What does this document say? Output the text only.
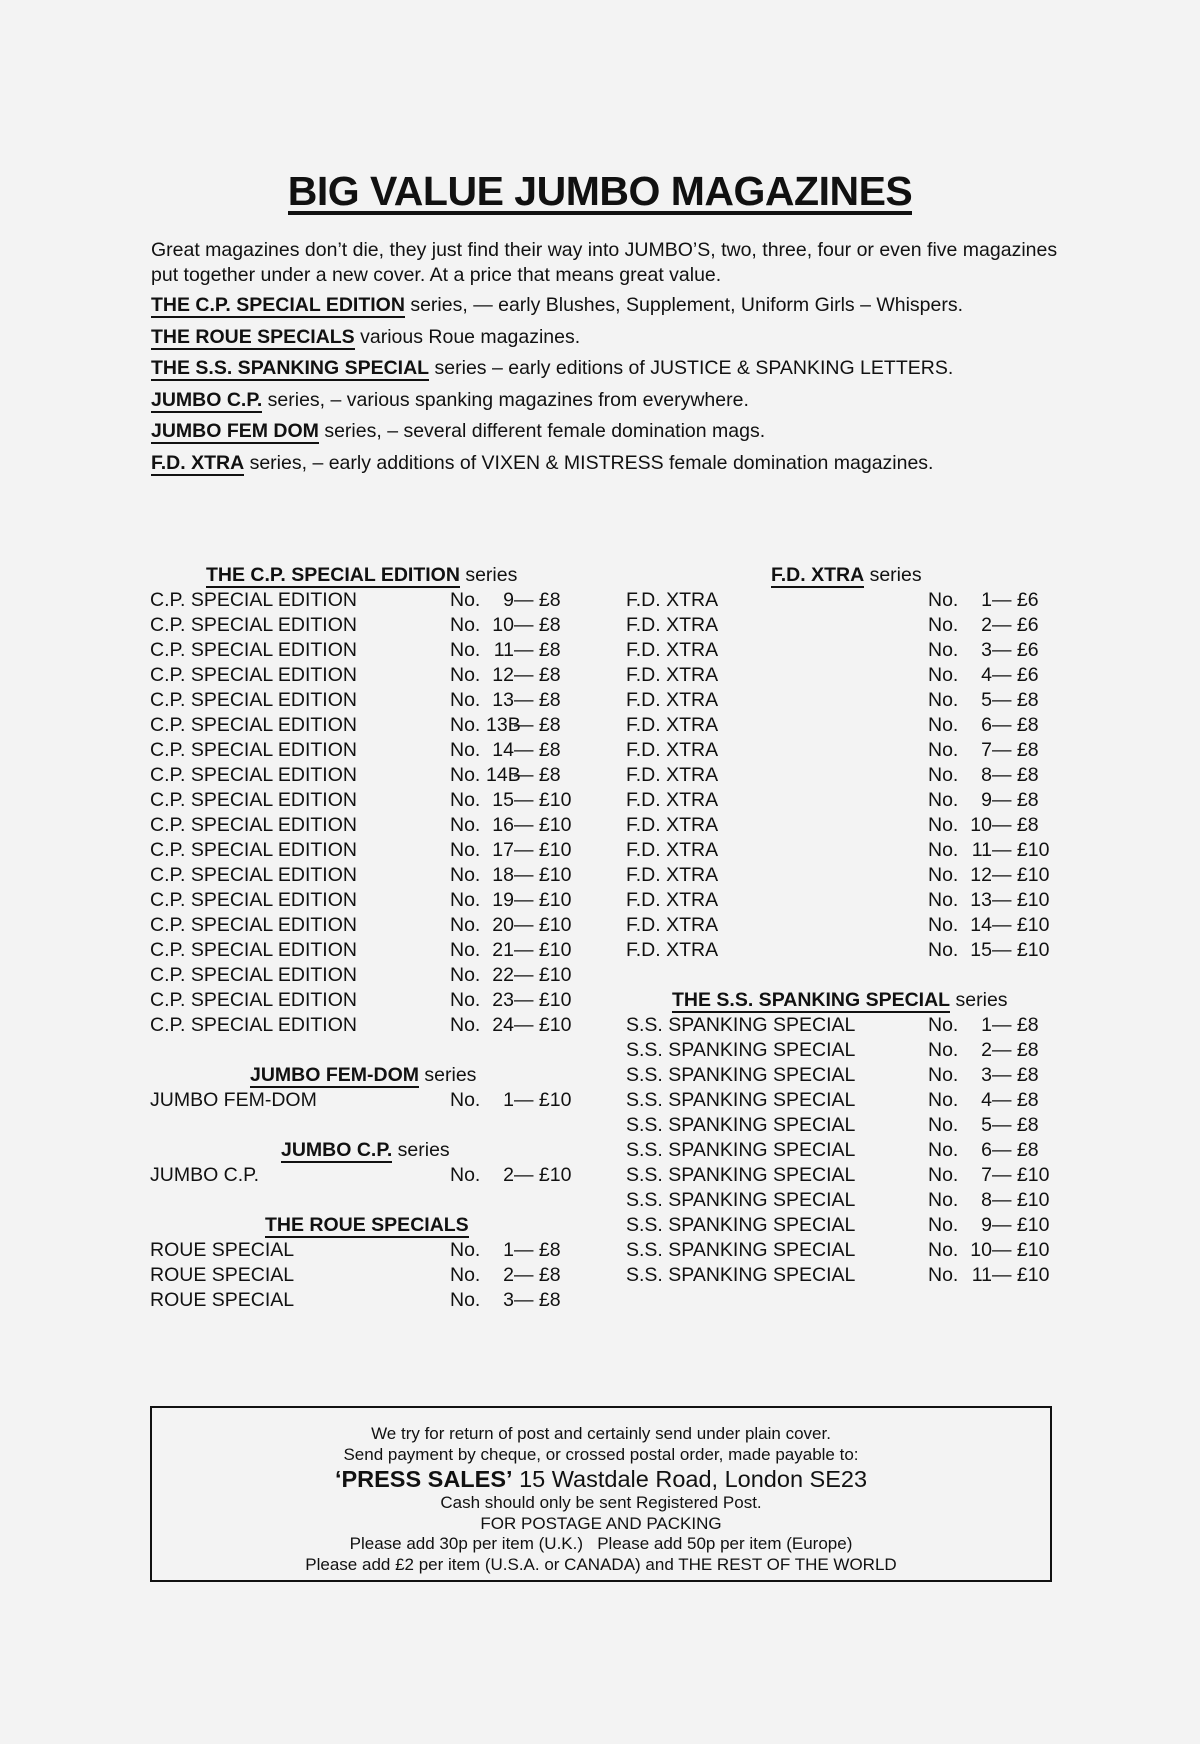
BIG VALUE JUMBO MAGAZINES

Great magazines don’t die, they just find their way into JUMBO’S, two, three, four or even five magazines put together under a new cover. At a price that means great value.

THE C.P. SPECIAL EDITION series, — early Blushes, Supplement, Uniform Girls – Whispers.

THE ROUE SPECIALS various Roue magazines.

THE S.S. SPANKING SPECIAL series – early editions of JUSTICE & SPANKING LETTERS.

JUMBO C.P. series, – various spanking magazines from everywhere.

JUMBO FEM DOM series, – several different female domination mags.

F.D. XTRA series, – early additions of VIXEN & MISTRESS female domination magazines.

THE C.P. SPECIAL EDITION series
C.P. SPECIAL EDITION	No. 9— £8
C.P. SPECIAL EDITION	No. 10— £8
C.P. SPECIAL EDITION	No. 11— £8
C.P. SPECIAL EDITION	No. 12— £8
C.P. SPECIAL EDITION	No. 13— £8
C.P. SPECIAL EDITION	No. 13B— £8
C.P. SPECIAL EDITION	No. 14— £8
C.P. SPECIAL EDITION	No. 14B— £8
C.P. SPECIAL EDITION	No. 15— £10
C.P. SPECIAL EDITION	No. 16— £10
C.P. SPECIAL EDITION	No. 17— £10
C.P. SPECIAL EDITION	No. 18— £10
C.P. SPECIAL EDITION	No. 19— £10
C.P. SPECIAL EDITION	No. 20— £10
C.P. SPECIAL EDITION	No. 21— £10
C.P. SPECIAL EDITION	No. 22— £10
C.P. SPECIAL EDITION	No. 23— £10
C.P. SPECIAL EDITION	No. 24— £10
JUMBO FEM-DOM series
JUMBO FEM-DOM	No. 1— £10
JUMBO C.P. series
JUMBO C.P.	No. 2— £10
THE ROUE SPECIALS
ROUE SPECIAL	No. 1— £8
ROUE SPECIAL	No. 2— £8
ROUE SPECIAL	No. 3— £8
F.D. XTRA series
F.D. XTRA	No. 1— £6
F.D. XTRA	No. 2— £6
F.D. XTRA	No. 3— £6
F.D. XTRA	No. 4— £6
F.D. XTRA	No. 5— £8
F.D. XTRA	No. 6— £8
F.D. XTRA	No. 7— £8
F.D. XTRA	No. 8— £8
F.D. XTRA	No. 9— £8
F.D. XTRA	No. 10— £8
F.D. XTRA	No. 11— £10
F.D. XTRA	No. 12— £10
F.D. XTRA	No. 13— £10
F.D. XTRA	No. 14— £10
F.D. XTRA	No. 15— £10
THE S.S. SPANKING SPECIAL series
S.S. SPANKING SPECIAL	No. 1— £8
S.S. SPANKING SPECIAL	No. 2— £8
S.S. SPANKING SPECIAL	No. 3— £8
S.S. SPANKING SPECIAL	No. 4— £8
S.S. SPANKING SPECIAL	No. 5— £8
S.S. SPANKING SPECIAL	No. 6— £8
S.S. SPANKING SPECIAL	No. 7— £10
S.S. SPANKING SPECIAL	No. 8— £10
S.S. SPANKING SPECIAL	No. 9— £10
S.S. SPANKING SPECIAL	No. 10— £10
S.S. SPANKING SPECIAL	No. 11— £10
We try for return of post and certainly send under plain cover.
Send payment by cheque, or crossed postal order, made payable to:
‘PRESS SALES’ 15 Wastdale Road, London SE23
Cash should only be sent Registered Post.
FOR POSTAGE AND PACKING
Please add 30p per item (U.K.)   Please add 50p per item (Europe)
Please add £2 per item (U.S.A. or CANADA) and THE REST OF THE WORLD
